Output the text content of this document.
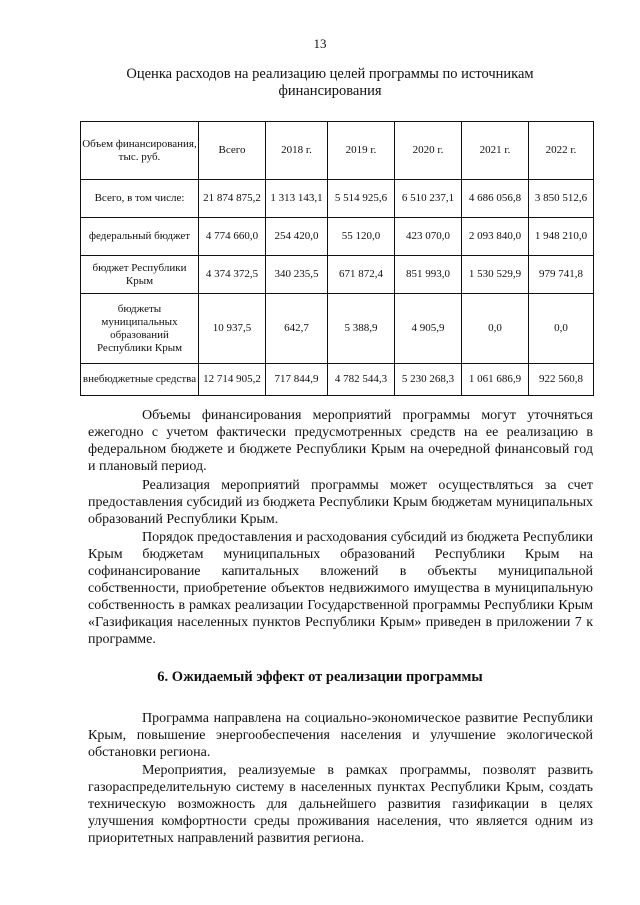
13
Оценка расходов на реализацию целей программы по источникам финансирования
Объем финансирования, тыс. руб.	Всего	2018 г.	2019 г.	2020 г.	2021 г.	2022 г.
Всего, в том числе:	21 874 875,2	1 313 143,1	5 514 925,6	6 510 237,1	4 686 056,8	3 850 512,6
федеральный бюджет	4 774 660,0	254 420,0	55 120,0	423 070,0	2 093 840,0	1 948 210,0
бюджет Республики Крым	4 374 372,5	340 235,5	671 872,4	851 993,0	1 530 529,9	979 741,8
бюджеты муниципальных образований Республики Крым	10 937,5	642,7	5 388,9	4 905,9	0,0	0,0
внебюджетные средства	12 714 905,2	717 844,9	4 782 544,3	5 230 268,3	1 061 686,9	922 560,8

Объемы финансирования мероприятий программы могут уточняться ежегодно с учетом фактически предусмотренных средств на ее реализацию в федеральном бюджете и бюджете Республики Крым на очередной финансовый год и плановый период.

Реализация мероприятий программы может осуществляться за счет предоставления субсидий из бюджета Республики Крым бюджетам муниципальных образований Республики Крым.

Порядок предоставления и расходования субсидий из бюджета Республики Крым бюджетам муниципальных образований Республики Крым на софинансирование капитальных вложений в объекты муниципальной собственности, приобретение объектов недвижимого имущества в муниципальную собственность в рамках реализации Государственной программы Республики Крым «Газификация населенных пунктов Республики Крым» приведен в приложении 7 к программе.

6. Ожидаемый эффект от реализации программы

Программа направлена на социально-экономическое развитие Республики Крым, повышение энергообеспечения населения и улучшение экологической обстановки региона.

Мероприятия, реализуемые в рамках программы, позволят развить газораспределительную систему в населенных пунктах Республики Крым, создать техническую возможность для дальнейшего развития газификации в целях улучшения комфортности среды проживания населения, что является одним из приоритетных направлений развития региона.
